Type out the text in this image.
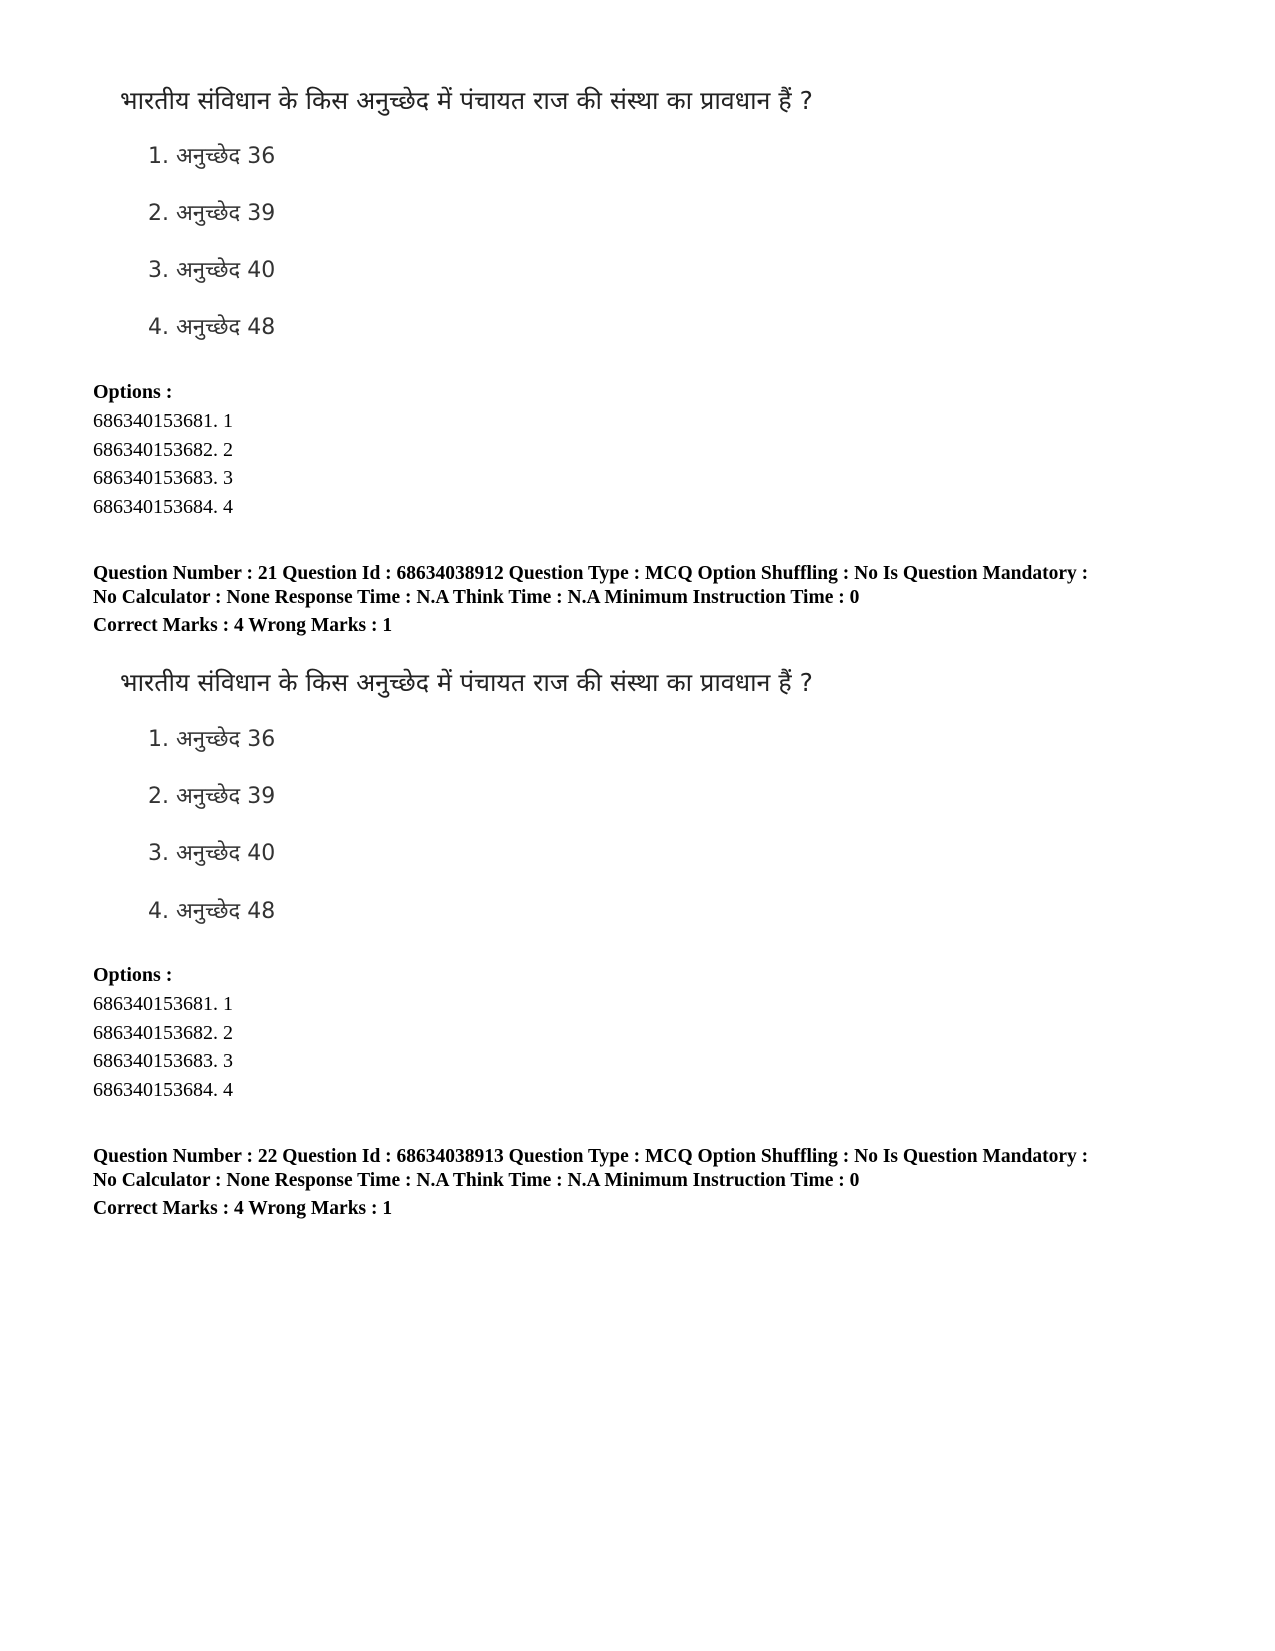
भारतीय संविधान के किस अनुच्छेद में पंचायत राज की संस्था का प्रावधान हैं ?
1. अनुच्छेद 36
2. अनुच्छेद 39
3. अनुच्छेद 40
4. अनुच्छेद 48
Options :
686340153681. 1
686340153682. 2
686340153683. 3
686340153684. 4
Question Number : 21 Question Id : 68634038912 Question Type : MCQ Option Shuffling : No Is Question Mandatory :
No Calculator : None Response Time : N.A Think Time : N.A Minimum Instruction Time : 0
Correct Marks : 4 Wrong Marks : 1
भारतीय संविधान के किस अनुच्छेद में पंचायत राज की संस्था का प्रावधान हैं ?
1. अनुच्छेद 36
2. अनुच्छेद 39
3. अनुच्छेद 40
4. अनुच्छेद 48
Options :
686340153681. 1
686340153682. 2
686340153683. 3
686340153684. 4
Question Number : 22 Question Id : 68634038913 Question Type : MCQ Option Shuffling : No Is Question Mandatory :
No Calculator : None Response Time : N.A Think Time : N.A Minimum Instruction Time : 0
Correct Marks : 4 Wrong Marks : 1
